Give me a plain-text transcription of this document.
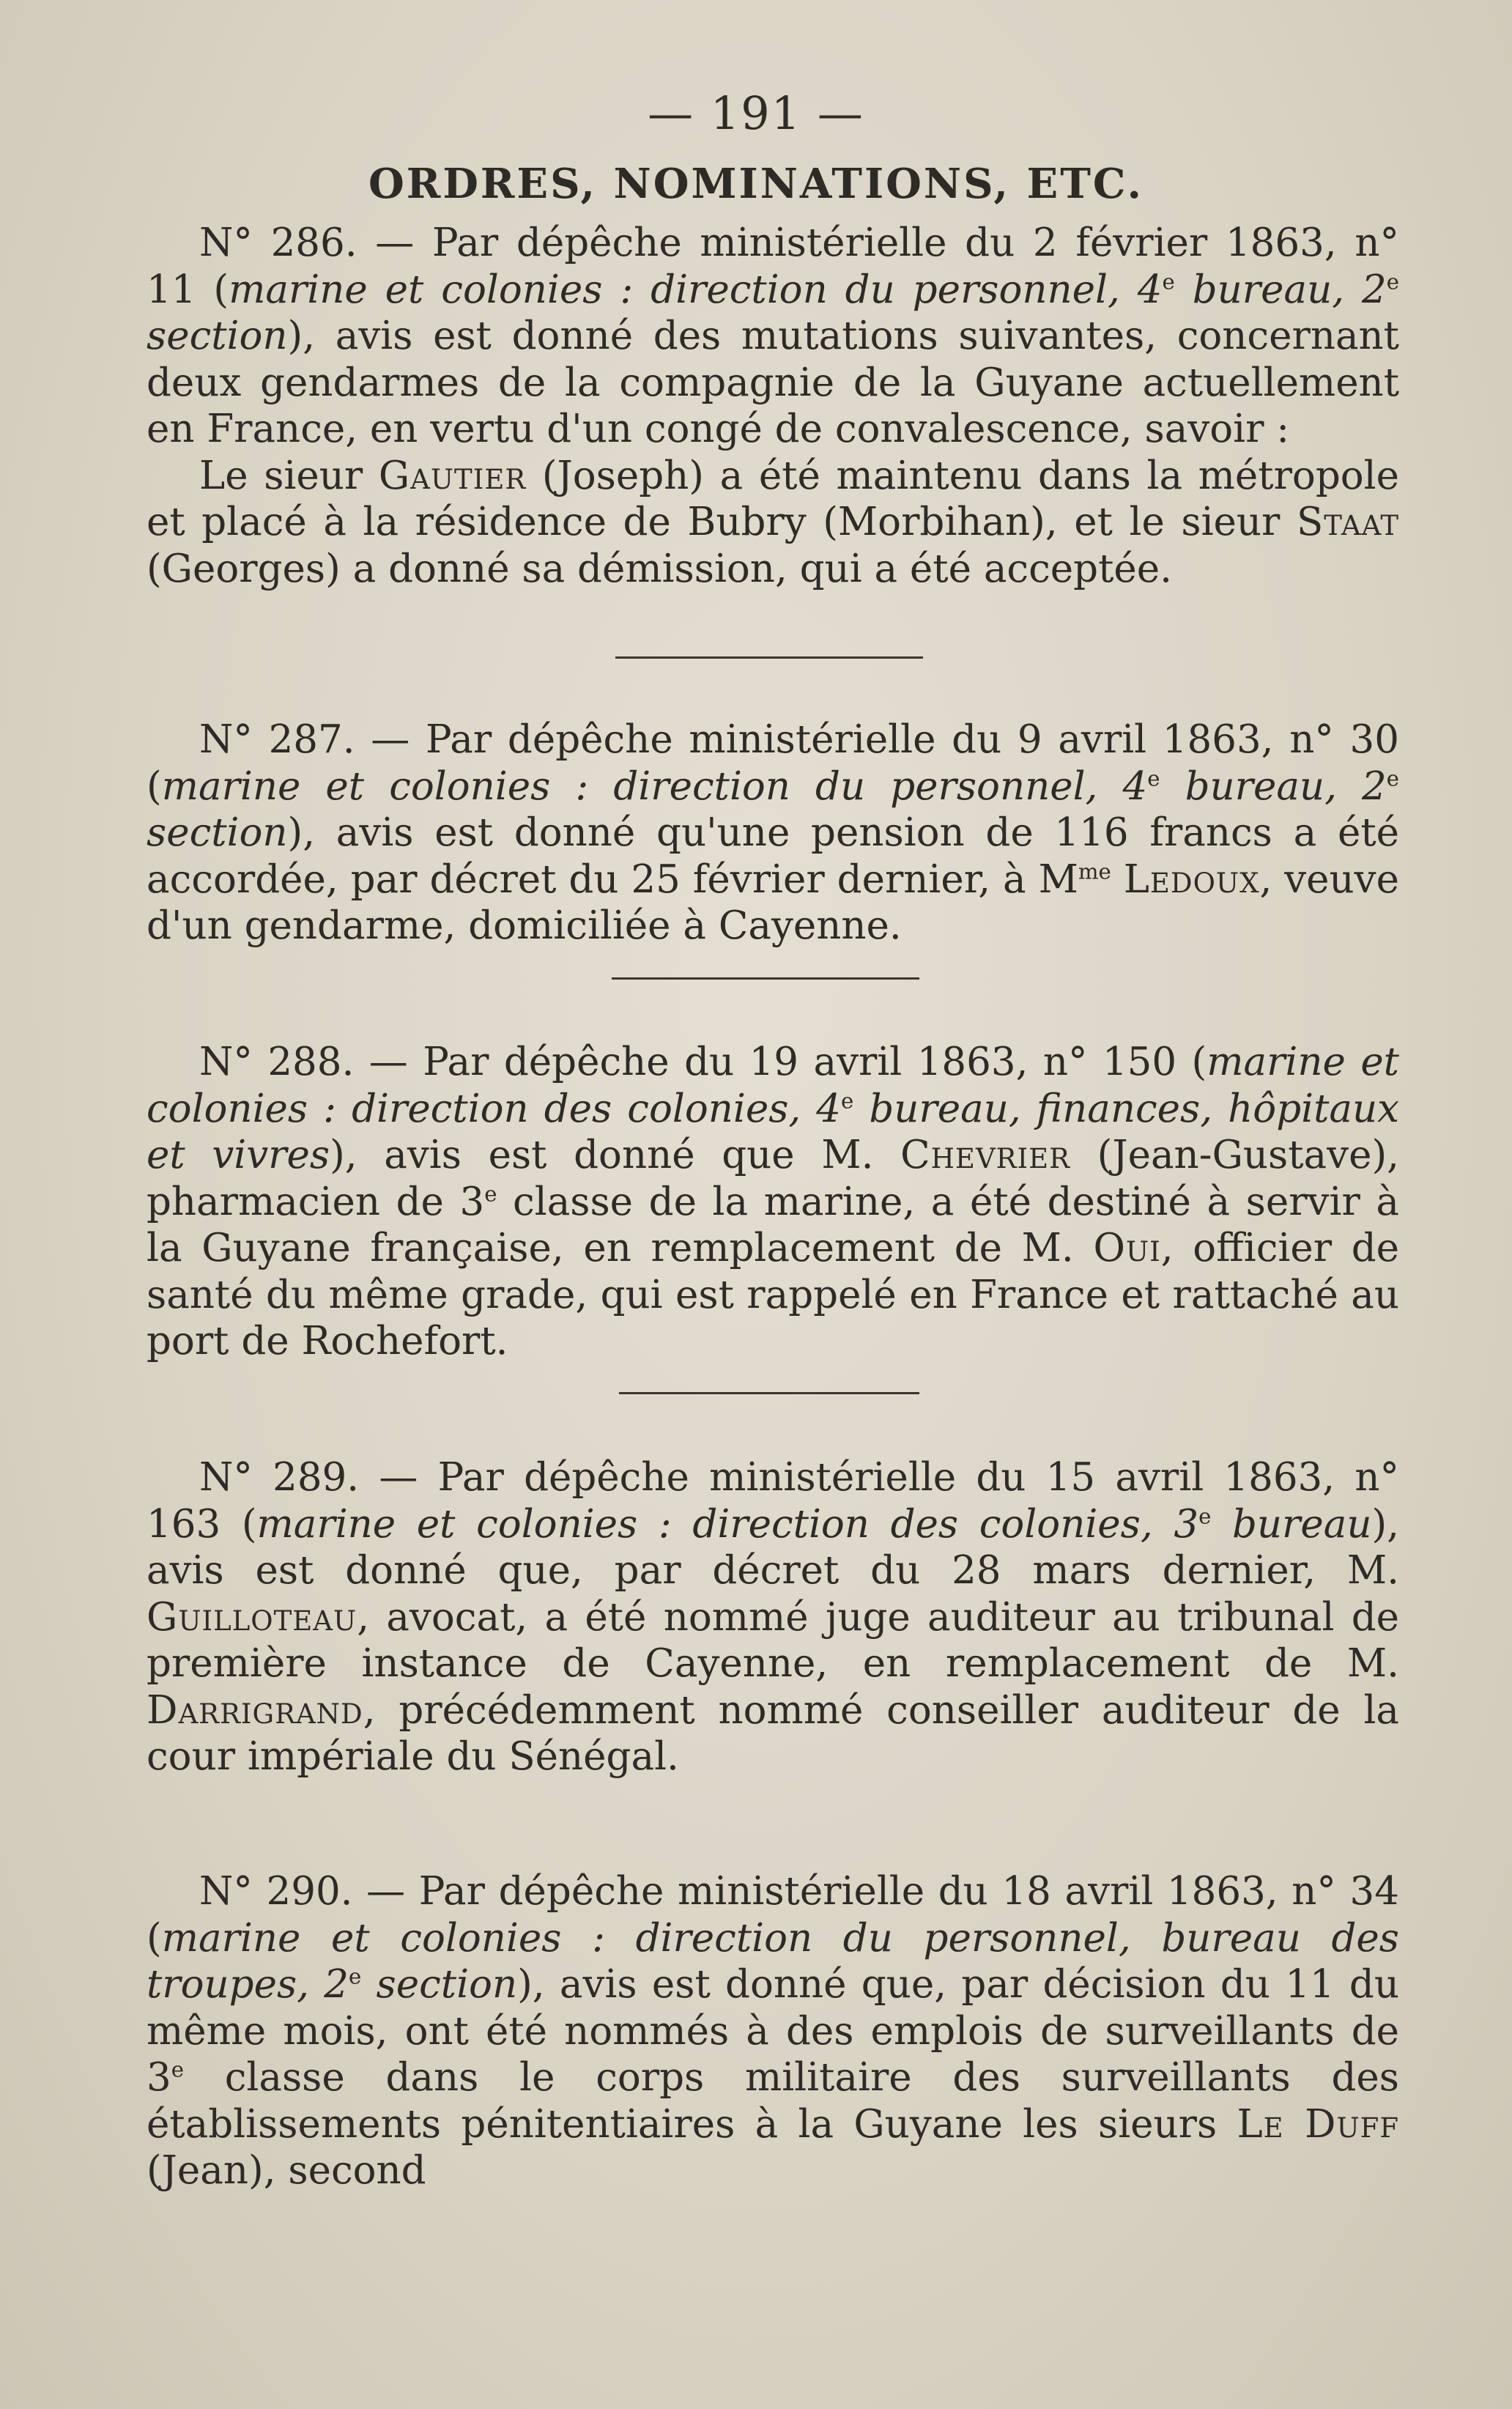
— 191 —
ORDRES, NOMINATIONS, ETC.
N° 286. — Par dépêche ministérielle du 2 février 1863, n° 11 (marine et colonies : direction du personnel, 4e bureau, 2e section), avis est donné des mutations suivantes, concernant deux gendarmes de la compagnie de la Guyane actuellement en France, en vertu d'un congé de convalescence, savoir :
Le sieur Gautier (Joseph) a été maintenu dans la métropole et placé à la résidence de Bubry (Morbihan), et le sieur Staat (Georges) a donné sa démission, qui a été acceptée.
N° 287. — Par dépêche ministérielle du 9 avril 1863, n° 30 (marine et colonies : direction du personnel, 4e bureau, 2e section), avis est donné qu'une pension de 116 francs a été accordée, par décret du 25 février dernier, à $M^{me}$ Ledoux, veuve d'un gendarme, domiciliée à Cayenne.
N° 288. — Par dépêche du 19 avril 1863, n° 150 (marine et colonies : direction des colonies, 4e bureau, finances, hôpitaux et vivres), avis est donné que M. Chevrier (Jean-Gustave), pharmacien de 3e classe de la marine, a été destiné à servir à la Guyane française, en remplacement de M. Oui, officier de santé du même grade, qui est rappelé en France et rattaché au port de Rochefort.
N° 289. — Par dépêche ministérielle du 15 avril 1863, n° 163 (marine et colonies : direction des colonies, 3e bureau), avis est donné que, par décret du 28 mars dernier, M. Guilloteau, avocat, a été nommé juge auditeur au tribunal de première instance de Cayenne, en remplacement de M. Darrigrand, précédemment nommé conseiller auditeur de la cour impériale du Sénégal.
N° 290. — Par dépêche ministérielle du 18 avril 1863, n° 34 (marine et colonies : direction du personnel, bureau des troupes, 2e section), avis est donné que, par décision du 11 du même mois, ont été nommés à des emplois de surveillants de 3e classe dans le corps militaire des surveillants des établissements pénitentiaires à la Guyane les sieurs Le Duff (Jean), second
